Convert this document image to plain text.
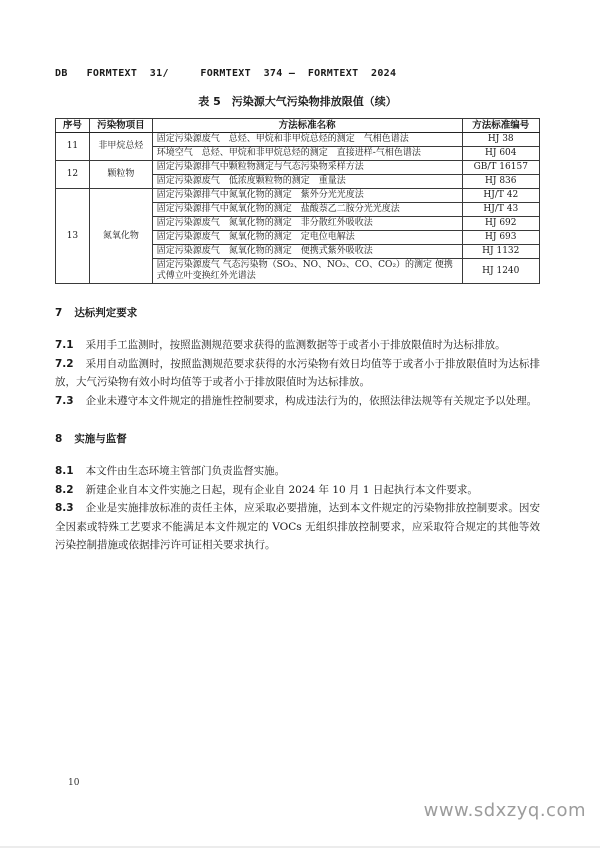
DB   FORMTEXT  31/     FORMTEXT  374 —  FORMTEXT  2024
表 5　污染源大气污染物排放限值（续）
序号	污染物项目	方法标准名称	方法标准编号
11	非甲烷总烃	固定污染源废气　总烃、甲烷和非甲烷总烃的测定　气相色谱法	HJ 38
		环境空气　总烃、甲烷和非甲烷总烃的测定　直接进样-气相色谱法	HJ 604
12	颗粒物	固定污染源排气中颗粒物测定与气态污染物采样方法	GB/T 16157
		固定污染源废气　低浓度颗粒物的测定　重量法	HJ 836
13	氮氧化物	固定污染源排气中氮氧化物的测定　紫外分光光度法	HJ/T 42
		固定污染源排气中氮氧化物的测定　盐酸萘乙二胺分光光度法	HJ/T 43
		固定污染源废气　氮氧化物的测定　非分散红外吸收法	HJ 692
		固定污染源废气　氮氧化物的测定　定电位电解法	HJ 693
		固定污染源废气　氮氧化物的测定　便携式紫外吸收法	HJ 1132
		固定污染源废气 气态污染物（SO₂、NO、NO₂、CO、CO₂）的测定 便携式傅立叶变换红外光谱法	HJ 1240
7 达标判定要求

7.1 采用手工监测时，按照监测规范要求获得的监测数据等于或者小于排放限值时为达标排放。

7.2 采用自动监测时，按照监测规范要求获得的水污染物有效日均值等于或者小于排放限值时为达标排放，大气污染物有效小时均值等于或者小于排放限值时为达标排放。

7.3 企业未遵守本文件规定的措施性控制要求，构成违法行为的，依照法律法规等有关规定予以处理。

8 实施与监督

8.1 本文件由生态环境主管部门负责监督实施。

8.2 新建企业自本文件实施之日起，现有企业自 2024 年 10 月 1 日起执行本文件要求。

8.3 企业是实施排放标准的责任主体，应采取必要措施，达到本文件规定的污染物排放控制要求。因安全因素或特殊工艺要求不能满足本文件规定的 VOCs 无组织排放控制要求，应采取符合规定的其他等效污染控制措施或依据排污许可证相关要求执行。

10
www.sdxzyq.com
